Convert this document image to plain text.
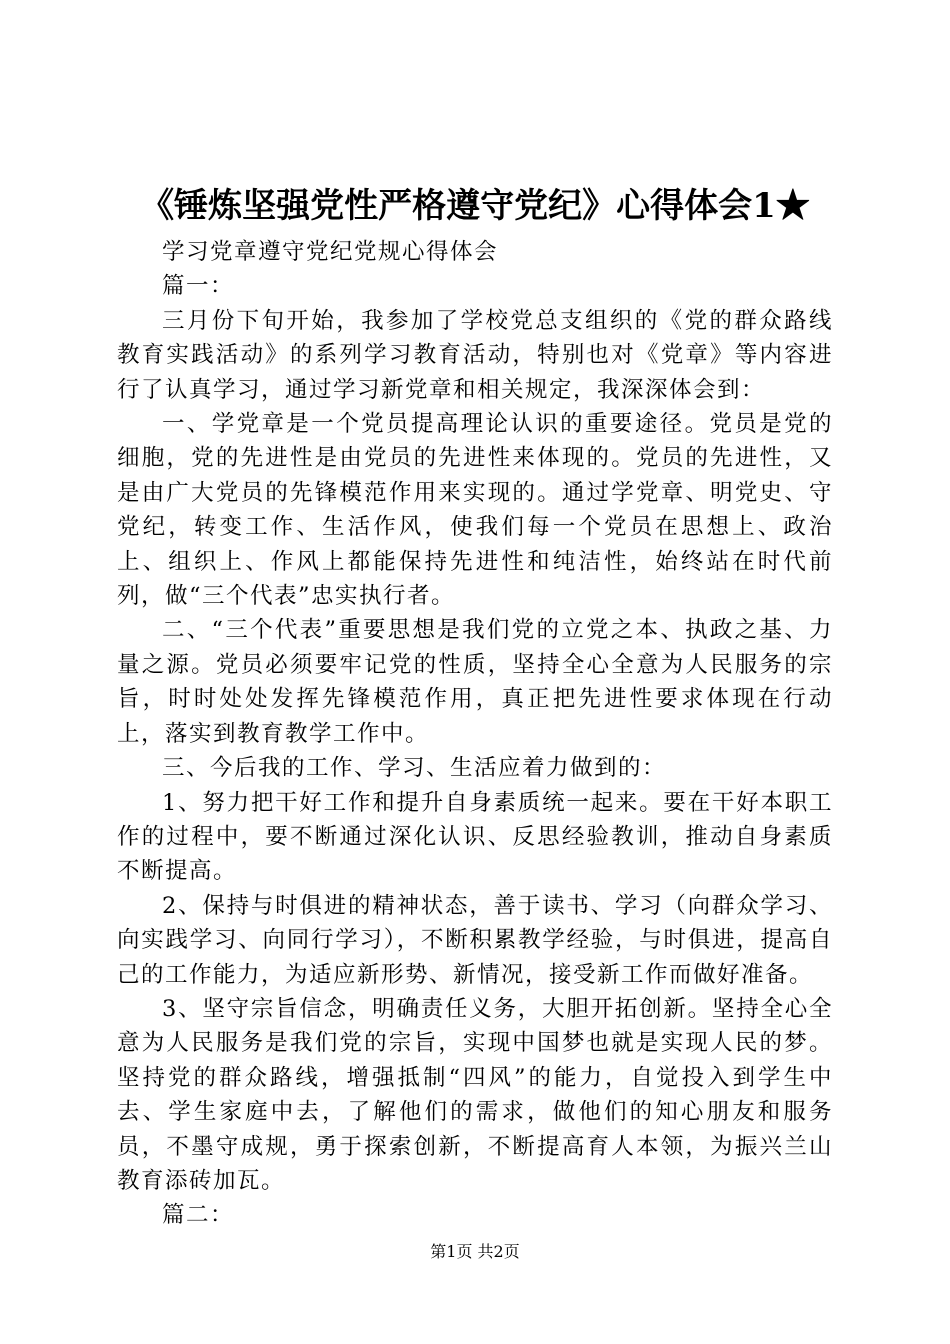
《锤炼坚强党性严格遵守党纪》心得体会1★

学习党章遵守党纪党规心得体会

篇一：

三月份下旬开始，我参加了学校党总支组织的《党的群众路线教育实践活动》的系列学习教育活动，特别也对《党章》等内容进行了认真学习，通过学习新党章和相关规定，我深深体会到：

一、学党章是一个党员提高理论认识的重要途径。党员是党的细胞，党的先进性是由党员的先进性来体现的。党员的先进性，又是由广大党员的先锋模范作用来实现的。通过学党章、明党史、守党纪，转变工作、生活作风，使我们每一个党员在思想上、政治上、组织上、作风上都能保持先进性和纯洁性，始终站在时代前列，做“三个代表”忠实执行者。

二、“三个代表”重要思想是我们党的立党之本、执政之基、力量之源。党员必须要牢记党的性质，坚持全心全意为人民服务的宗旨，时时处处发挥先锋模范作用，真正把先进性要求体现在行动上，落实到教育教学工作中。

三、今后我的工作、学习、生活应着力做到的：

1、努力把干好工作和提升自身素质统一起来。要在干好本职工作的过程中，要不断通过深化认识、反思经验教训，推动自身素质不断提高。

2、保持与时俱进的精神状态，善于读书、学习（向群众学习、向实践学习、向同行学习），不断积累教学经验，与时俱进，提高自己的工作能力，为适应新形势、新情况，接受新工作而做好准备。

3、坚守宗旨信念，明确责任义务，大胆开拓创新。坚持全心全意为人民服务是我们党的宗旨，实现中国梦也就是实现人民的梦。坚持党的群众路线，增强抵制“四风”的能力，自觉投入到学生中去、学生家庭中去，了解他们的需求，做他们的知心朋友和服务员，不墨守成规，勇于探索创新，不断提高育人本领，为振兴兰山教育添砖加瓦。

篇二：

第1页 共2页
